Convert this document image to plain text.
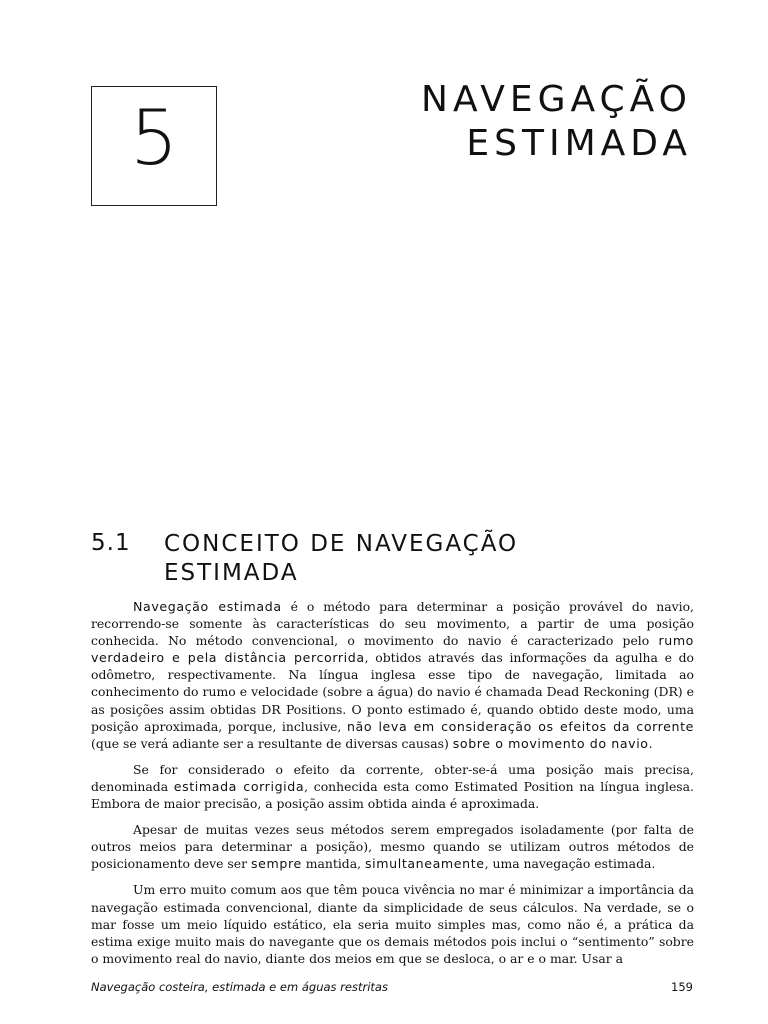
5	NAVEGAÇÃO
ESTIMADA
5.1 CONCEITO DE NAVEGAÇÃO
ESTIMADA

Navegação estimada é o método para determinar a posição provável do navio, recorrendo-se somente às características do seu movimento, a partir de uma posição conhecida. No método convencional, o movimento do navio é caracterizado pelo rumo verdadeiro e pela distância percorrida, obtidos através das informações da agulha e do odômetro, respectivamente. Na língua inglesa esse tipo de navegação, limitada ao conhecimento do rumo e velocidade (sobre a água) do navio é chamada Dead Reckoning (DR) e as posições assim obtidas DR Positions. O ponto estimado é, quando obtido deste modo, uma posição aproximada, porque, inclusive, não leva em consideração os efeitos da corrente (que se verá adiante ser a resultante de diversas causas) sobre o movimento do navio.

Se for considerado o efeito da corrente, obter-se-á uma posição mais precisa, denominada estimada corrigida, conhecida esta como Estimated Position na língua inglesa. Embora de maior precisão, a posição assim obtida ainda é aproximada.

Apesar de muitas vezes seus métodos serem empregados isoladamente (por falta de outros meios para determinar a posição), mesmo quando se utilizam outros métodos de posicionamento deve ser sempre mantida, simultaneamente, uma navegação estimada.

Um erro muito comum aos que têm pouca vivência no mar é minimizar a importância da navegação estimada convencional, diante da simplicidade de seus cálculos. Na verdade, se o mar fosse um meio líquido estático, ela seria muito simples mas, como não é, a prática da estima exige muito mais do navegante que os demais métodos pois inclui o “sentimento” sobre o movimento real do navio, diante dos meios em que se desloca, o ar e o mar. Usar a

Navegação costeira, estimada e em águas restritas	159
